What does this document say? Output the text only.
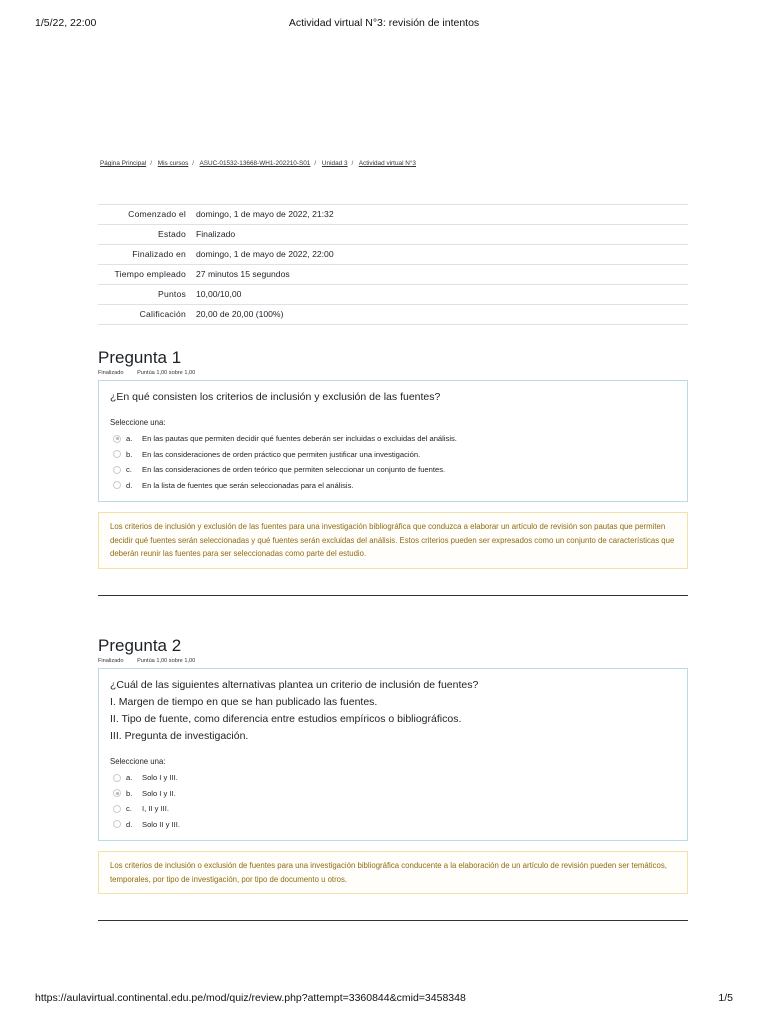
1/5/22, 22:00	Actividad virtual N°3: revisión de intentos
Página Principal / Mis cursos / ASUC-01532-13668-WH1-202210-S01 / Unidad 3 / Actividad virtual N°3
Comenzado el	domingo, 1 de mayo de 2022, 21:32
Estado	Finalizado
Finalizado en	domingo, 1 de mayo de 2022, 22:00
Tiempo empleado	27 minutos 15 segundos
Puntos	10,00/10,00
Calificación	20,00 de 20,00 (100%)
Pregunta 1
Finalizado Puntúa 1,00 sobre 1,00
¿En qué consisten los criterios de inclusión y exclusión de las fuentes?
Seleccione una:
a.	En las pautas que permiten decidir qué fuentes deberán ser incluidas o excluidas del análisis.
b.	En las consideraciones de orden práctico que permiten justificar una investigación.
c.	En las consideraciones de orden teórico que permiten seleccionar un conjunto de fuentes.
d.	En la lista de fuentes que serán seleccionadas para el análisis.
Los criterios de inclusión y exclusión de las fuentes para una investigación bibliográfica que conduzca a elaborar un artículo de revisión son pautas que permiten decidir qué fuentes serán seleccionadas y qué fuentes serán excluidas del análisis. Estos criterios pueden ser expresados como un conjunto de características que deberán reunir las fuentes para ser seleccionadas como parte del estudio.
Pregunta 2
Finalizado Puntúa 1,00 sobre 1,00
¿Cuál de las siguientes alternativas plantea un criterio de inclusión de fuentes?
I. Margen de tiempo en que se han publicado las fuentes.
II. Tipo de fuente, como diferencia entre estudios empíricos o bibliográficos.
III. Pregunta de investigación.
Seleccione una:
a.	Solo I y III.
b.	Solo I y II.
c.	I, II y III.
d.	Solo II y III.
Los criterios de inclusión o exclusión de fuentes para una investigación bibliográfica conducente a la elaboración de un artículo de revisión pueden ser temáticos, temporales, por tipo de investigación, por tipo de documento u otros.
https://aulavirtual.continental.edu.pe/mod/quiz/review.php?attempt=3360844&cmid=3458348	1/5
